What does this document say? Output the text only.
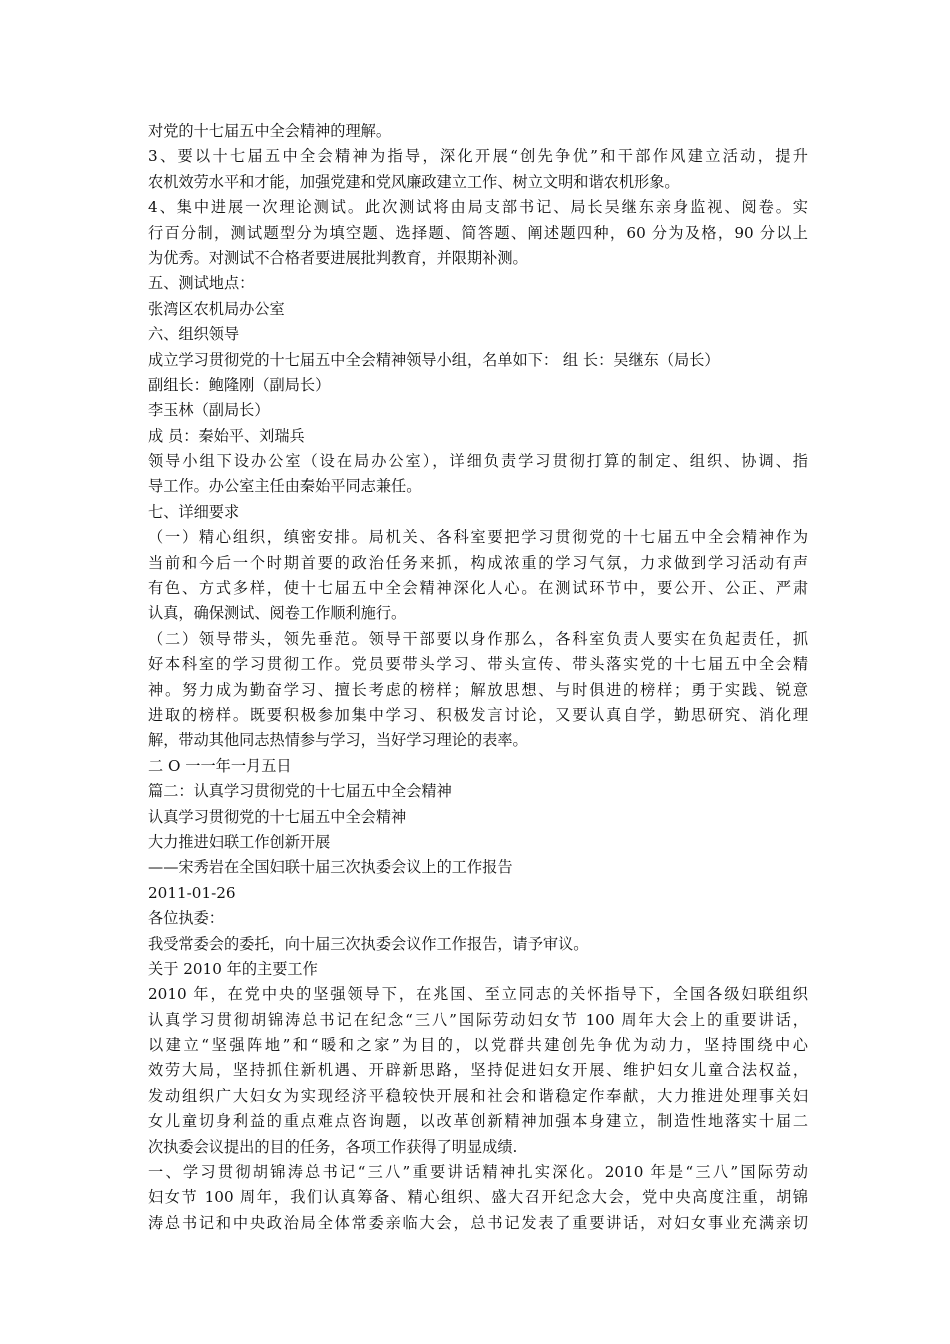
对党的十七届五中全会精神的理解。
3、要以十七届五中全会精神为指导，深化开展“创先争优”和干部作风建立活动，提升
农机效劳水平和才能，加强党建和党风廉政建立工作、树立文明和谐农机形象。
4、集中进展一次理论测试。此次测试将由局支部书记、局长吴继东亲身监视、阅卷。实
行百分制，测试题型分为填空题、选择题、简答题、阐述题四种，60 分为及格，90 分以上
为优秀。对测试不合格者要进展批判教育，并限期补测。
五、测试地点：
张湾区农机局办公室
六、组织领导
成立学习贯彻党的十七届五中全会精神领导小组，名单如下： 组 长：吴继东（局长）
副组长：鲍隆刚（副局长）
李玉林（副局长）
成 员：秦始平、刘瑞兵
领导小组下设办公室（设在局办公室），详细负责学习贯彻打算的制定、组织、协调、指
导工作。办公室主任由秦始平同志兼任。
七、详细要求
（一）精心组织，缜密安排。局机关、各科室要把学习贯彻党的十七届五中全会精神作为
当前和今后一个时期首要的政治任务来抓，构成浓重的学习气氛，力求做到学习活动有声
有色、方式多样，使十七届五中全会精神深化人心。在测试环节中，要公开、公正、严肃
认真，确保测试、阅卷工作顺利施行。
（二）领导带头，领先垂范。领导干部要以身作那么，各科室负责人要实在负起责任，抓
好本科室的学习贯彻工作。党员要带头学习、带头宣传、带头落实党的十七届五中全会精
神。努力成为勤奋学习、擅长考虑的榜样；解放思想、与时俱进的榜样；勇于实践、锐意
进取的榜样。既要积极参加集中学习、积极发言讨论，又要认真自学，勤思研究、消化理
解，带动其他同志热情参与学习，当好学习理论的表率。
二 O 一一年一月五日
篇二：认真学习贯彻党的十七届五中全会精神
认真学习贯彻党的十七届五中全会精神
大力推进妇联工作创新开展
——宋秀岩在全国妇联十届三次执委会议上的工作报告
2011-01-26
各位执委：
我受常委会的委托，向十届三次执委会议作工作报告，请予审议。
关于 2010 年的主要工作
2010 年，在党中央的坚强领导下，在兆国、至立同志的关怀指导下，全国各级妇联组织
认真学习贯彻胡锦涛总书记在纪念“三八”国际劳动妇女节 100 周年大会上的重要讲话，
以建立“坚强阵地”和“暖和之家”为目的，以党群共建创先争优为动力，坚持围绕中心
效劳大局，坚持抓住新机遇、开辟新思路，坚持促进妇女开展、维护妇女儿童合法权益，
发动组织广大妇女为实现经济平稳较快开展和社会和谐稳定作奉献，大力推进处理事关妇
女儿童切身利益的重点难点咨询题，以改革创新精神加强本身建立，制造性地落实十届二
次执委会议提出的目的任务，各项工作获得了明显成绩.
一、学习贯彻胡锦涛总书记“三八”重要讲话精神扎实深化。2010 年是“三八”国际劳动
妇女节 100 周年，我们认真筹备、精心组织、盛大召开纪念大会，党中央高度注重，胡锦
涛总书记和中央政治局全体常委亲临大会，总书记发表了重要讲话，对妇女事业充满亲切
